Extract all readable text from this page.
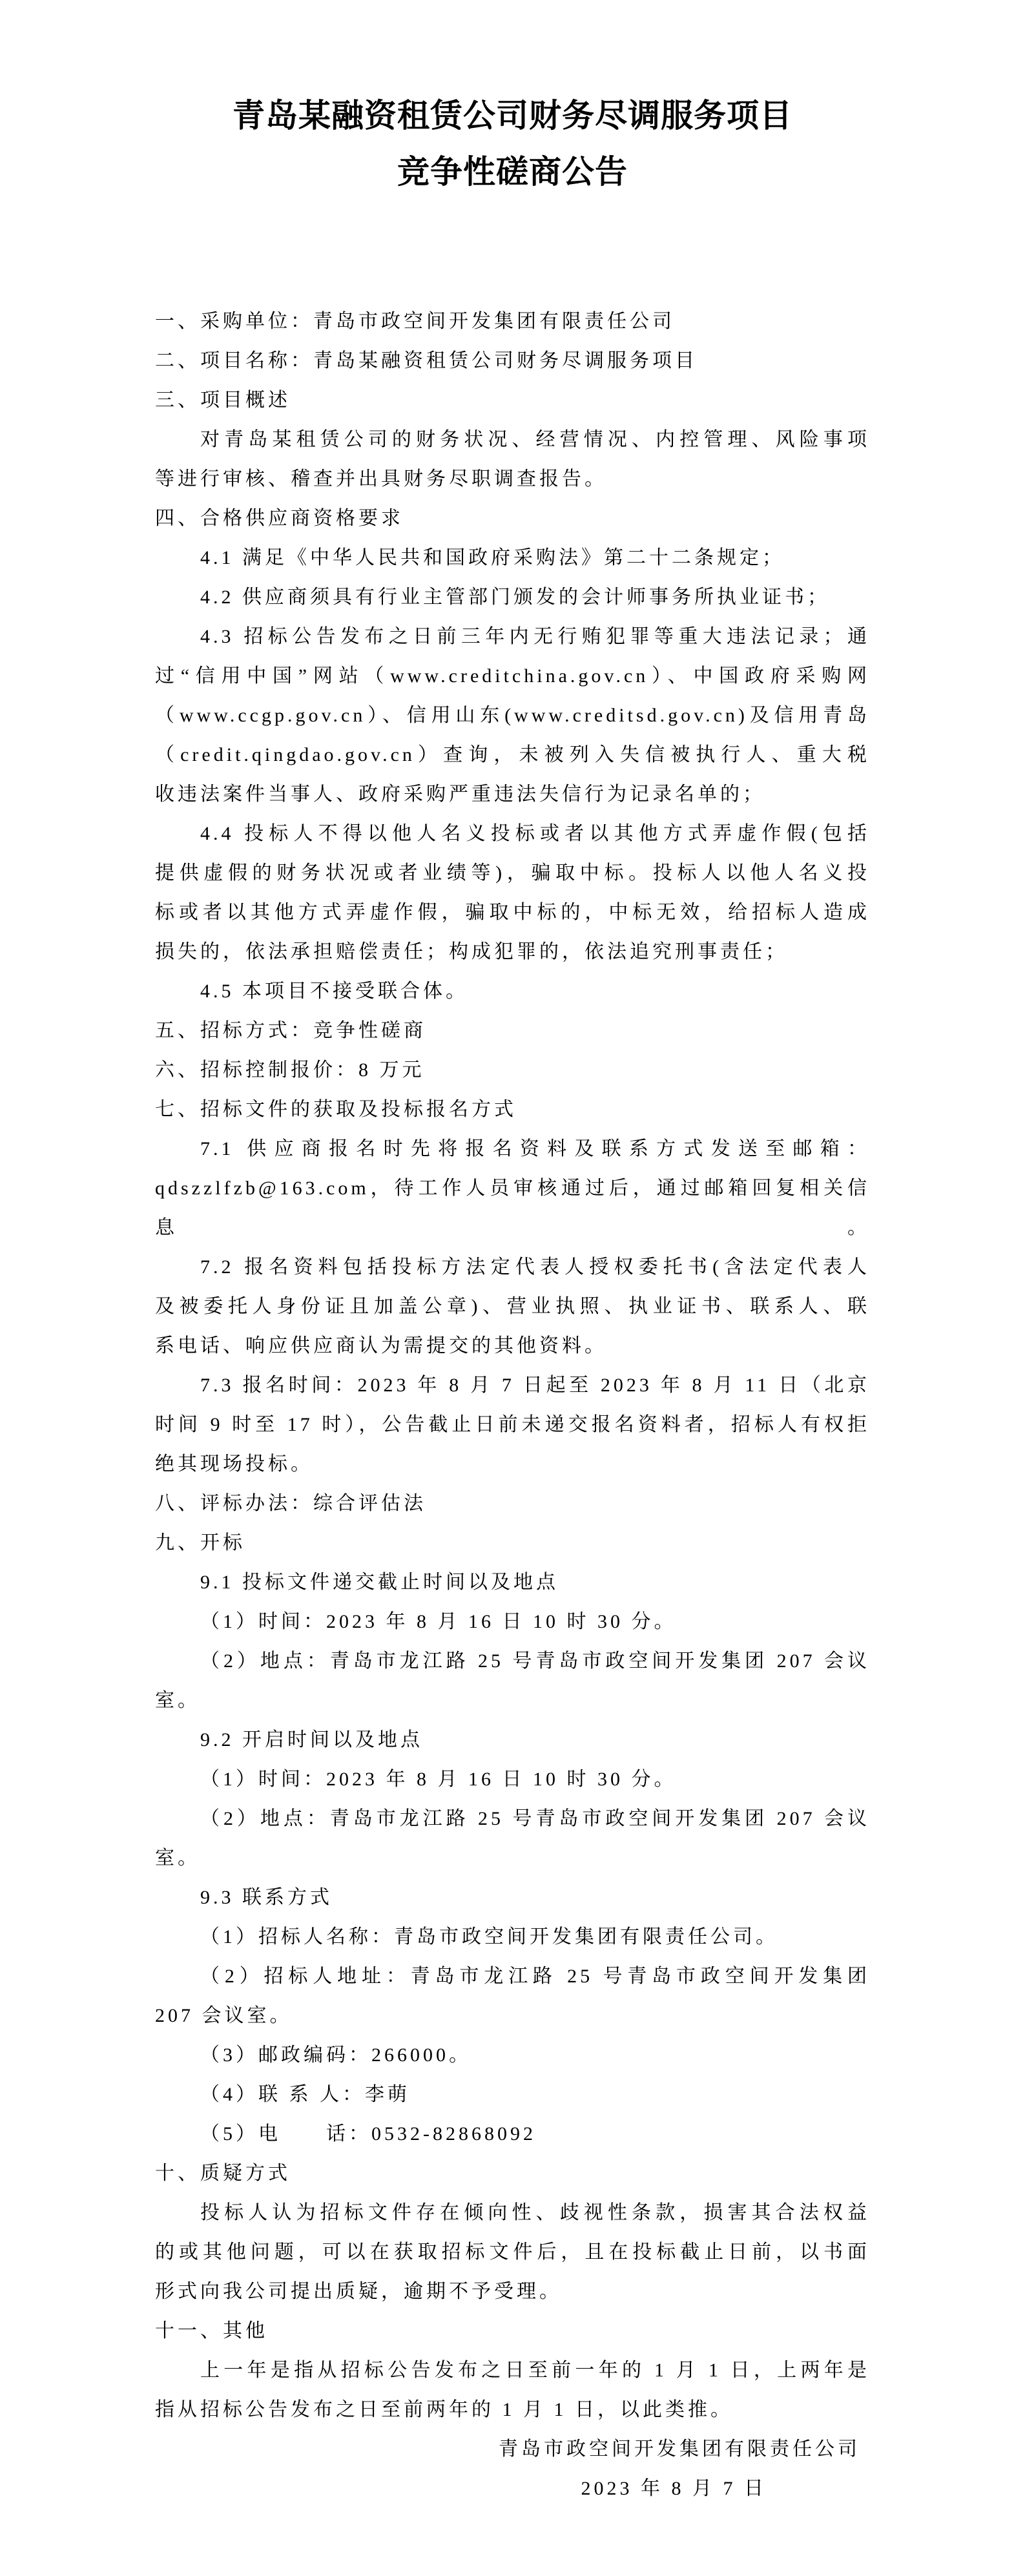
青岛某融资租赁公司财务尽调服务项目
竞争性磋商公告
一、采购单位：青岛市政空间开发集团有限责任公司
二、项目名称：青岛某融资租赁公司财务尽调服务项目
三、项目概述
对青岛某租赁公司的财务状况、经营情况、内控管理、风险事项
等进行审核、稽查并出具财务尽职调查报告。
四、合格供应商资格要求
4.1 满足《中华人民共和国政府采购法》第二十二条规定；
4.2 供应商须具有行业主管部门颁发的会计师事务所执业证书；
4.3 招标公告发布之日前三年内无行贿犯罪等重大违法记录；通
过“信用中国”网站（www.creditchina.gov.cn）、中国政府采购网
（www.ccgp.gov.cn）、信用山东(www.creditsd.gov.cn)及信用青岛
（credit.qingdao.gov.cn）查询，未被列入失信被执行人、重大税
收违法案件当事人、政府采购严重违法失信行为记录名单的；
4.4 投标人不得以他人名义投标或者以其他方式弄虚作假(包括
提供虚假的财务状况或者业绩等)，骗取中标。投标人以他人名义投
标或者以其他方式弄虚作假，骗取中标的，中标无效，给招标人造成
损失的，依法承担赔偿责任；构成犯罪的，依法追究刑事责任；
4.5 本项目不接受联合体。
五、招标方式：竞争性磋商
六、招标控制报价：8 万元
七、招标文件的获取及投标报名方式
7.1 供应商报名时先将报名资料及联系方式发送至邮箱：
qdszzlfzb@163.com，待工作人员审核通过后，通过邮箱回复相关信息。
7.2 报名资料包括投标方法定代表人授权委托书(含法定代表人
及被委托人身份证且加盖公章)、营业执照、执业证书、联系人、联
系电话、响应供应商认为需提交的其他资料。
7.3 报名时间：2023 年 8 月 7 日起至 2023 年 8 月 11 日（北京
时间 9 时至 17 时），公告截止日前未递交报名资料者，招标人有权拒
绝其现场投标。
八、评标办法：综合评估法
九、开标
9.1 投标文件递交截止时间以及地点
（1）时间：2023 年 8 月 16 日 10 时 30 分。
（2）地点：青岛市龙江路 25 号青岛市政空间开发集团 207 会议
室。
9.2 开启时间以及地点
（1）时间：2023 年 8 月 16 日 10 时 30 分。
（2）地点：青岛市龙江路 25 号青岛市政空间开发集团 207 会议
室。
9.3 联系方式
（1）招标人名称：青岛市政空间开发集团有限责任公司。
（2）招标人地址：青岛市龙江路 25 号青岛市政空间开发集团
207 会议室。
（3）邮政编码：266000。
（4）联 系 人：李萌
（5）电　　话：0532-82868092
十、质疑方式
投标人认为招标文件存在倾向性、歧视性条款，损害其合法权益
的或其他问题，可以在获取招标文件后，且在投标截止日前，以书面
形式向我公司提出质疑，逾期不予受理。
十一、其他
上一年是指从招标公告发布之日至前一年的 1 月 1 日，上两年是
指从招标公告发布之日至前两年的 1 月 1 日，以此类推。
青岛市政空间开发集团有限责任公司
2023 年 8 月 7 日
